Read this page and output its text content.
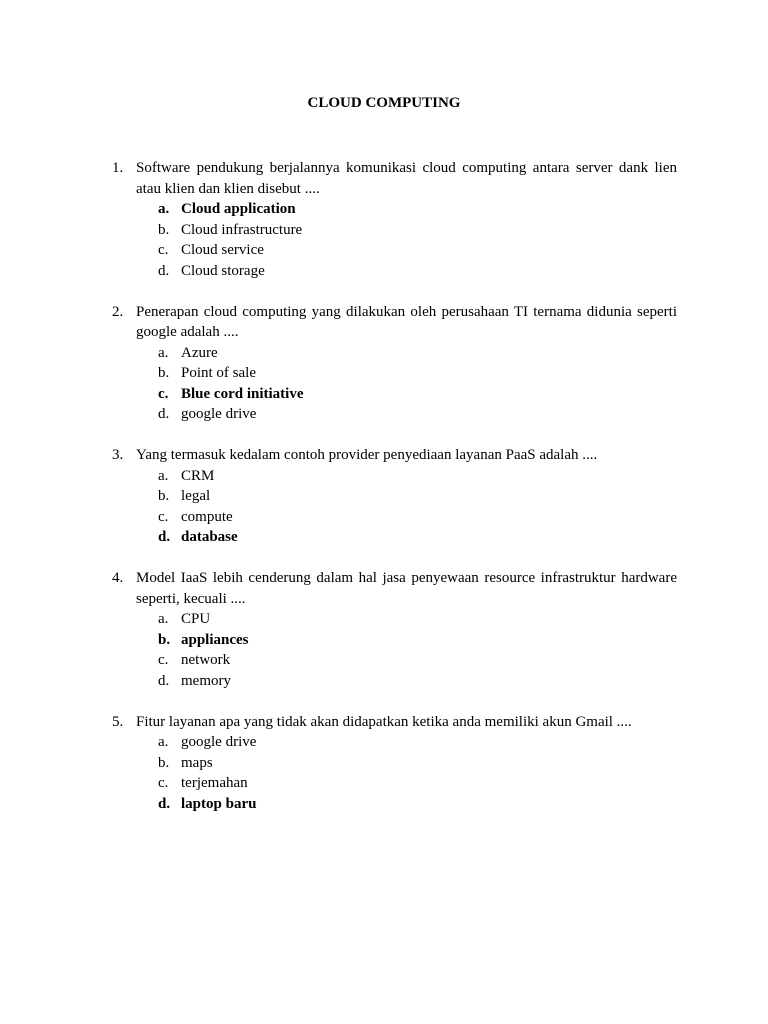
CLOUD COMPUTING
1. Software pendukung berjalannya komunikasi cloud computing antara server dank lien atau klien dan klien disebut ....
a. Cloud application
b. Cloud infrastructure
c. Cloud service
d. Cloud storage
2. Penerapan cloud computing yang dilakukan oleh perusahaan TI ternama didunia seperti google adalah ....
a. Azure
b. Point of sale
c. Blue cord initiative
d. google drive
3. Yang termasuk kedalam contoh provider penyediaan layanan PaaS adalah ....
a. CRM
b. legal
c. compute
d. database
4. Model IaaS lebih cenderung dalam hal jasa penyewaan resource infrastruktur hardware seperti, kecuali ....
a. CPU
b. appliances
c. network
d. memory
5. Fitur layanan apa yang tidak akan didapatkan ketika anda memiliki akun Gmail ....
a. google drive
b. maps
c. terjemahan
d. laptop baru
